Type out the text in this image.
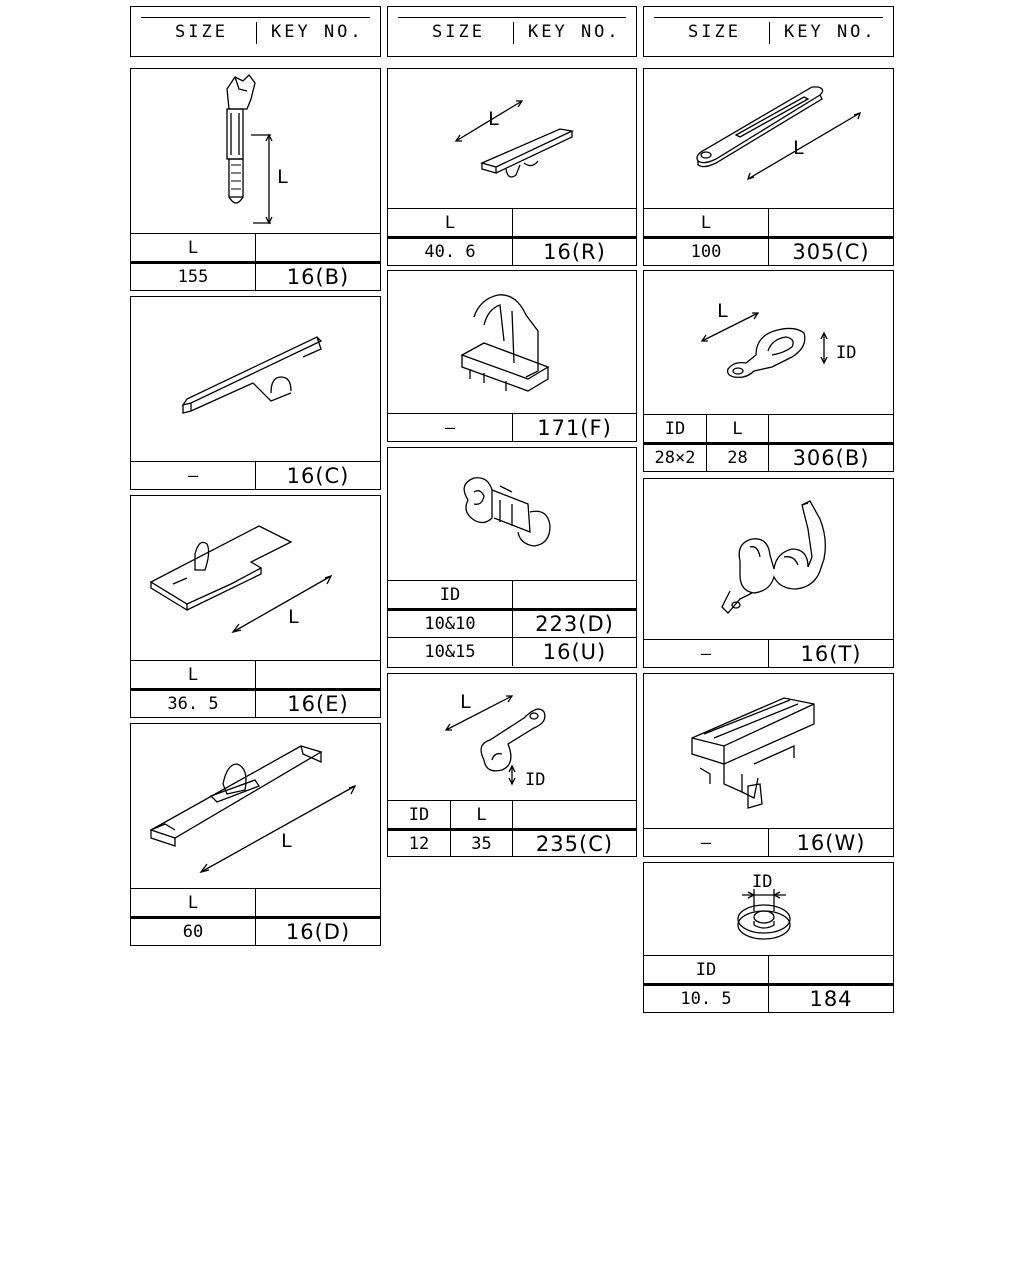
SIZE	KEY NO.	SIZE	KEY NO.	SIZE	KEY NO.
L
155	16(B)
L
—	16(C)
L
36. 5	16(E)
L
L
60	16(D)
L
L
40. 6	16(R)
L
—	171(F)
ID
10&10	223(D)
10&15	16(U)
ID	L
12	35	235(C)
L
ID
L
100	305(C)
L
ID	L
28×2	28	306(B)
L
ID
—	16(T)
—	16(W)
ID
10. 5	184
ID
